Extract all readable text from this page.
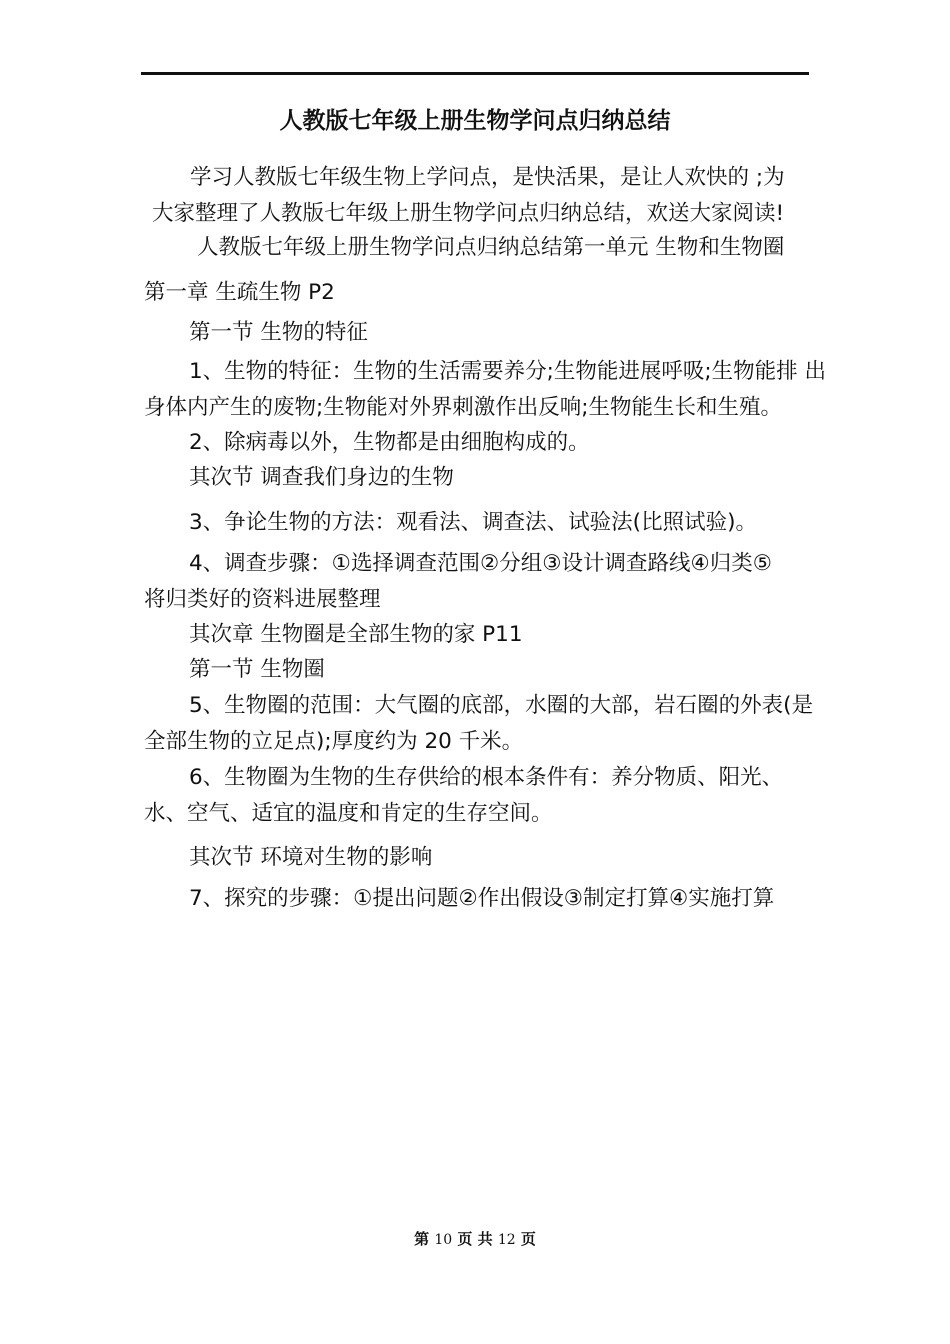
人教版七年级上册生物学问点归纳总结
学习人教版七年级生物上学问点，是快活果，是让人欢快的 ;为
大家整理了人教版七年级上册生物学问点归纳总结，欢送大家阅读!
人教版七年级上册生物学问点归纳总结第一单元 生物和生物圈
第一章 生疏生物 P2
第一节 生物的特征
1、生物的特征：生物的生活需要养分;生物能进展呼吸;生物能排 出
身体内产生的废物;生物能对外界刺激作出反响;生物能生长和生殖。
2、除病毒以外，生物都是由细胞构成的。
其次节 调查我们身边的生物
3、争论生物的方法：观看法、调查法、试验法(比照试验)。
4、调查步骤：①选择调查范围②分组③设计调查路线④归类⑤
将归类好的资料进展整理
其次章 生物圈是全部生物的家 P11
第一节 生物圈
5、生物圈的范围：大气圈的底部，水圈的大部，岩石圈的外表(是
全部生物的立足点);厚度约为 20 千米。
6、生物圈为生物的生存供给的根本条件有：养分物质、阳光、
水、空气、适宜的温度和肯定的生存空间。
其次节 环境对生物的影响
7、探究的步骤：①提出问题②作出假设③制定打算④实施打算
第 10 页 共 12 页
